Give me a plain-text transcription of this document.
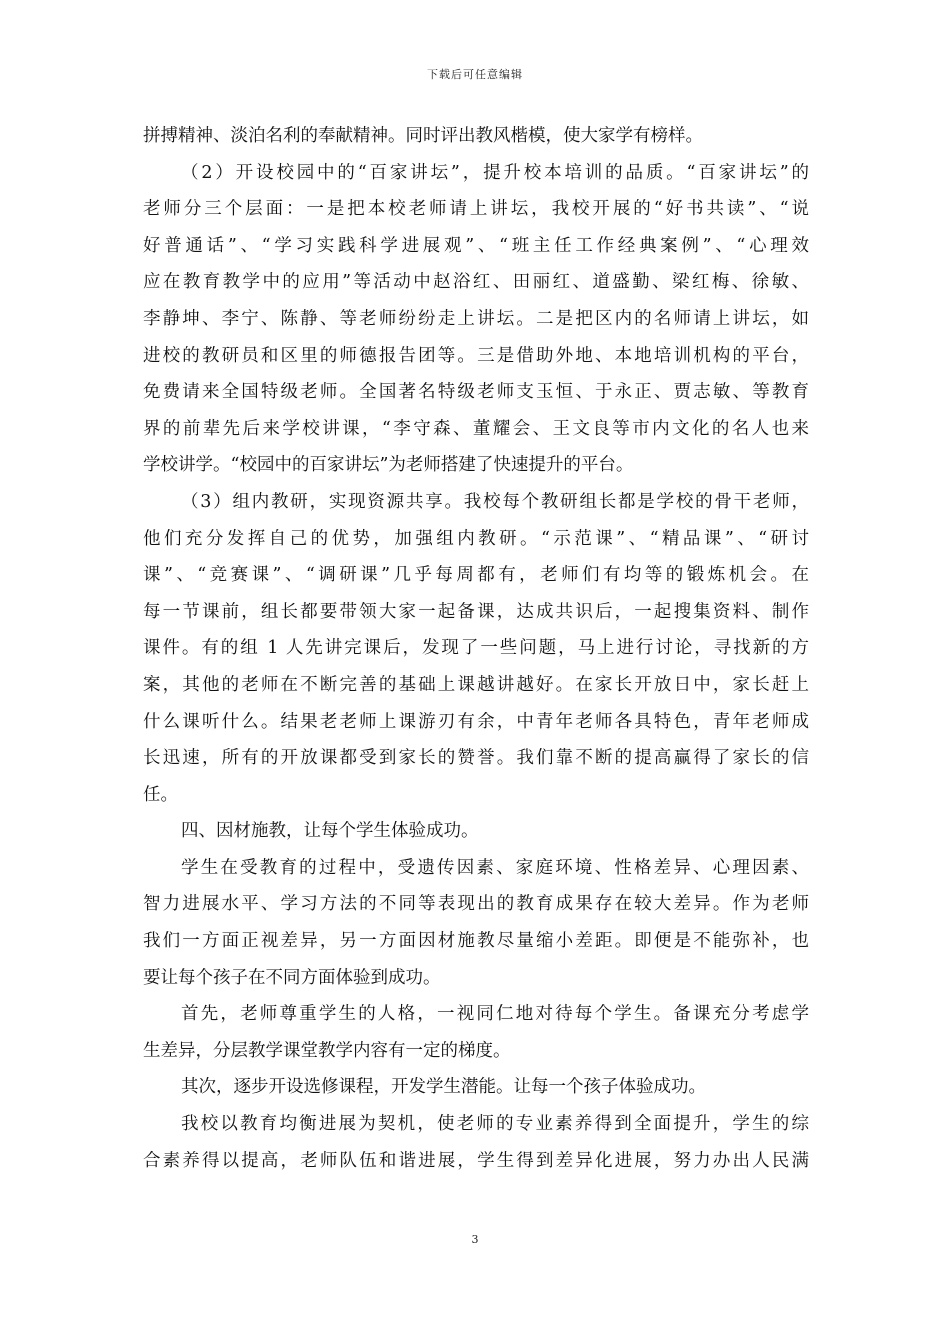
下载后可任意编辑
拼搏精神、淡泊名利的奉献精神。同时评出教风楷模，使大家学有榜样。
（2）开设校园中的“百家讲坛”，提升校本培训的品质。“百家讲坛”的
老师分三个层面：一是把本校老师请上讲坛，我校开展的“好书共读”、“说
好普通话”、“学习实践科学进展观”、“班主任工作经典案例”、“心理效
应在教育教学中的应用”等活动中赵浴红、田丽红、道盛勤、梁红梅、徐敏、
李静坤、李宁、陈静、等老师纷纷走上讲坛。二是把区内的名师请上讲坛，如
进校的教研员和区里的师德报告团等。三是借助外地、本地培训机构的平台，
免费请来全国特级老师。全国著名特级老师支玉恒、于永正、贾志敏、等教育
界的前辈先后来学校讲课，“李守森、董耀会、王文良等市内文化的名人也来
学校讲学。“校园中的百家讲坛”为老师搭建了快速提升的平台。
（3）组内教研，实现资源共享。我校每个教研组长都是学校的骨干老师，
他们充分发挥自己的优势，加强组内教研。“示范课”、“精品课”、“研讨
课”、“竞赛课”、“调研课”几乎每周都有，老师们有均等的锻炼机会。在
每一节课前，组长都要带领大家一起备课，达成共识后，一起搜集资料、制作
课件。有的组 1 人先讲完课后，发现了一些问题，马上进行讨论，寻找新的方
案，其他的老师在不断完善的基础上课越讲越好。在家长开放日中，家长赶上
什么课听什么。结果老老师上课游刃有余，中青年老师各具特色，青年老师成
长迅速，所有的开放课都受到家长的赞誉。我们靠不断的提高赢得了家长的信
任。
四、因材施教，让每个学生体验成功。
学生在受教育的过程中，受遗传因素、家庭环境、性格差异、心理因素、
智力进展水平、学习方法的不同等表现出的教育成果存在较大差异。作为老师
我们一方面正视差异，另一方面因材施教尽量缩小差距。即便是不能弥补，也
要让每个孩子在不同方面体验到成功。
首先，老师尊重学生的人格，一视同仁地对待每个学生。备课充分考虑学
生差异，分层教学课堂教学内容有一定的梯度。
其次，逐步开设选修课程，开发学生潜能。让每一个孩子体验成功。
我校以教育均衡进展为契机，使老师的专业素养得到全面提升，学生的综
合素养得以提高，老师队伍和谐进展，学生得到差异化进展，努力办出人民满
3
